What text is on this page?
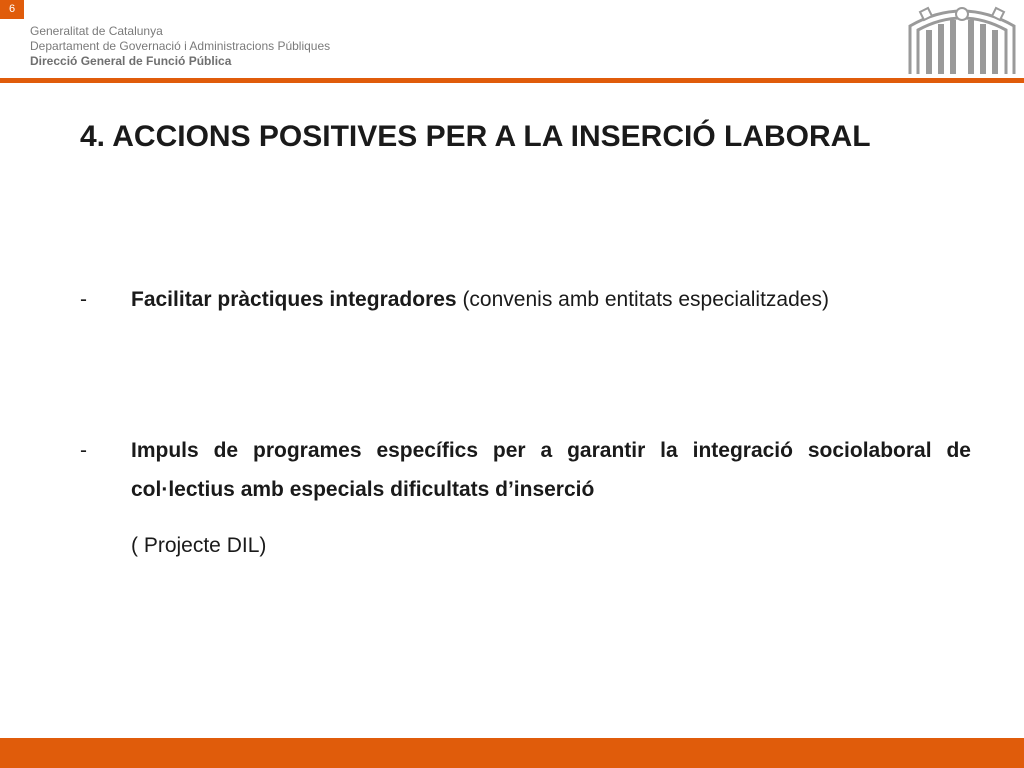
6
Generalitat de Catalunya
Departament de Governació i Administracions Públiques
Direcció General de Funció Pública
4. ACCIONS POSITIVES PER A LA INSERCIÓ LABORAL
- Facilitar pràctiques integradores (convenis amb entitats especialitzades)
- Impuls de programes específics per a garantir la integració sociolaboral de col·lectius amb especials dificultats d’inserció
( Projecte DIL)
